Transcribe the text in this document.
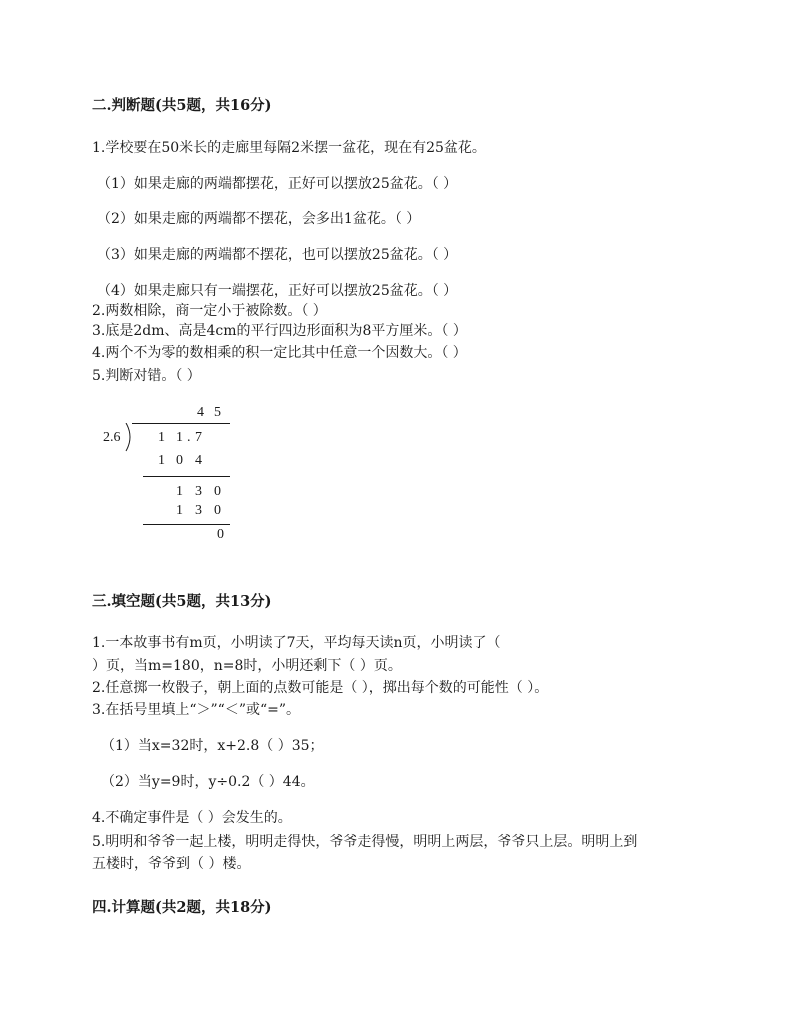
二.判断题(共5题，共16分)
1.学校要在50米长的走廊里每隔2米摆一盆花，现在有25盆花。
（1）如果走廊的两端都摆花，正好可以摆放25盆花。（ ）
（2）如果走廊的两端都不摆花，会多出1盆花。（ ）
（3）如果走廊的两端都不摆花，也可以摆放25盆花。（ ）
（4）如果走廊只有一端摆花，正好可以摆放25盆花。（ ）
2.两数相除，商一定小于被除数。（ ）
3.底是2dm、高是4cm的平行四边形面积为8平方厘米。（ ）
4.两个不为零的数相乘的积一定比其中任意一个因数大。（ ）
5.判断对错。（ ）
4 5
2.6	1 1 . 7
1 0 4
1 3 0
1 3 0
0
三.填空题(共5题，共13分)
1.一本故事书有m页，小明读了7天，平均每天读n页，小明读了（
）页，当m=180，n=8时，小明还剩下（ ）页。
2.任意掷一枚骰子，朝上面的点数可能是（ ），掷出每个数的可能性（ ）。
3.在括号里填上“＞”“＜”或“=”。
（1）当x=32时，x+2.8（ ）35；
（2）当y=9时，y÷0.2（ ）44。
4.不确定事件是（ ）会发生的。
5.明明和爷爷一起上楼，明明走得快，爷爷走得慢，明明上两层，爷爷只上层。明明上到
五楼时，爷爷到（ ）楼。
四.计算题(共2题，共18分)
